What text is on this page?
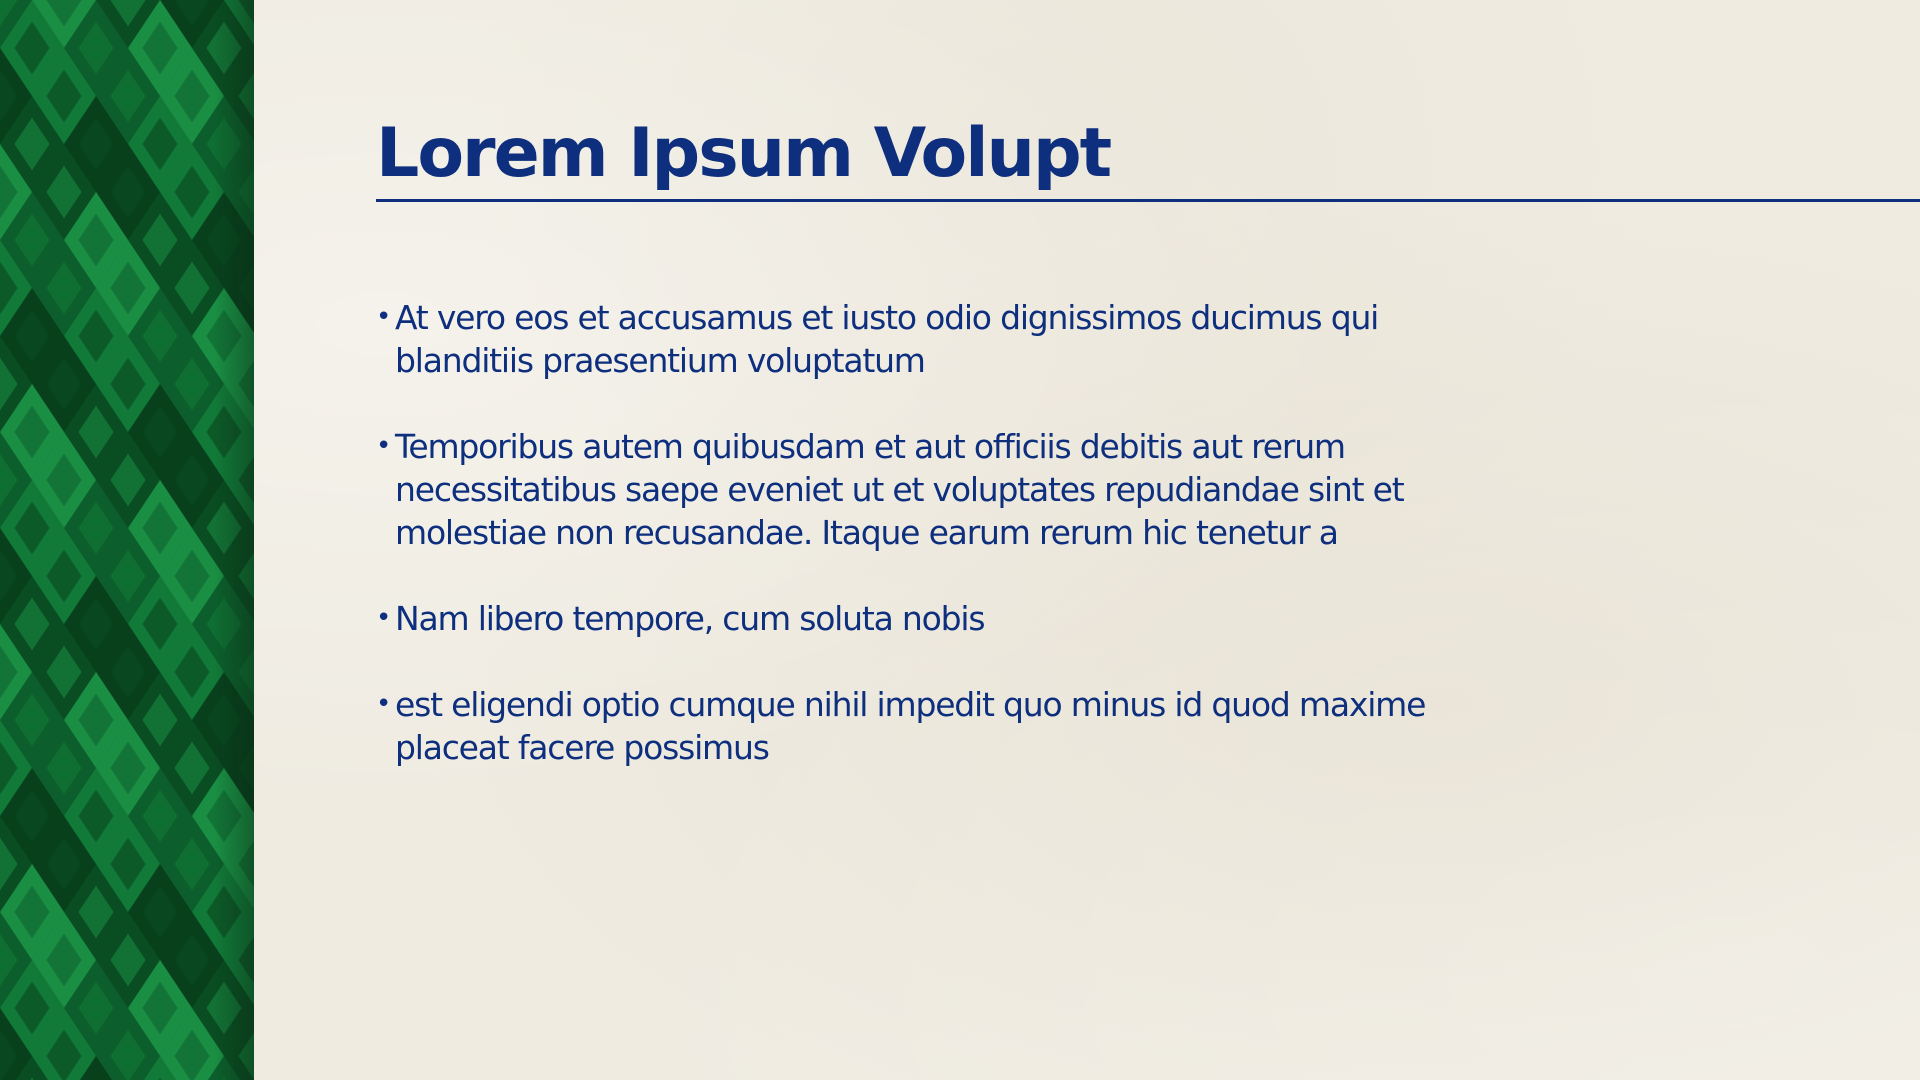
Lorem Ipsum Volupt
• At vero eos et accusamus et iusto odio dignissimos ducimus qui blanditiis praesentium voluptatum
• Temporibus autem quibusdam et aut officiis debitis aut rerum necessitatibus saepe eveniet ut et voluptates repudiandae sint et molestiae non recusandae. Itaque earum rerum hic tenetur a
• Nam libero tempore, cum soluta nobis
• est eligendi optio cumque nihil impedit quo minus id quod maxime placeat facere possimus
